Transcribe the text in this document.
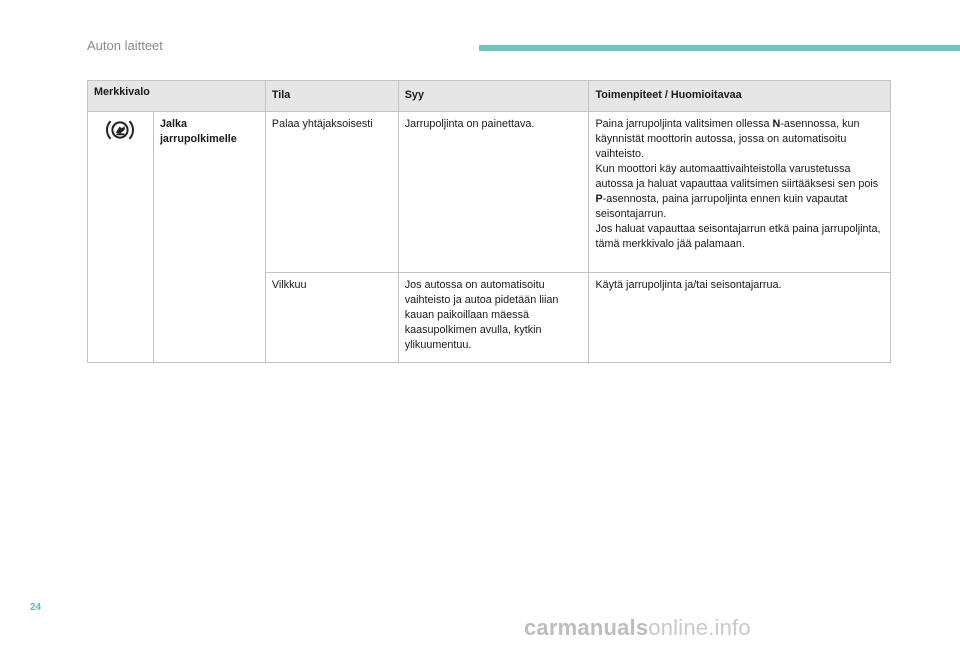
Auton laitteet
Merkkivalo		Tila	Syy	Toimenpiteet / Huomioitavaa
	Jalka jarrupolkimelle	Palaa yhtäjaksoisesti	Jarrupoljinta on painettava.	Paina jarrupoljinta valitsimen ollessa N-asennossa, kun käynnistät moottorin autossa, jossa on automatisoitu vaihteisto.
Kun moottori käy automaattivaihteistolla varustetussa autossa ja haluat vapauttaa valitsimen siirtääksesi sen pois P-asennosta, paina jarrupoljinta ennen kuin vapautat seisontajarrun.
Jos haluat vapauttaa seisontajarrun etkä paina jarrupoljinta, tämä merkkivalo jää palamaan.

		Vilkkuu	Jos autossa on automatisoitu vaihteisto ja autoa pidetään liian kauan paikoillaan mäessä kaasupolkimen avulla, kytkin ylikuumentuu.	Käytä jarrupoljinta ja/tai seisontajarrua.
24
carmanualsonline.info
